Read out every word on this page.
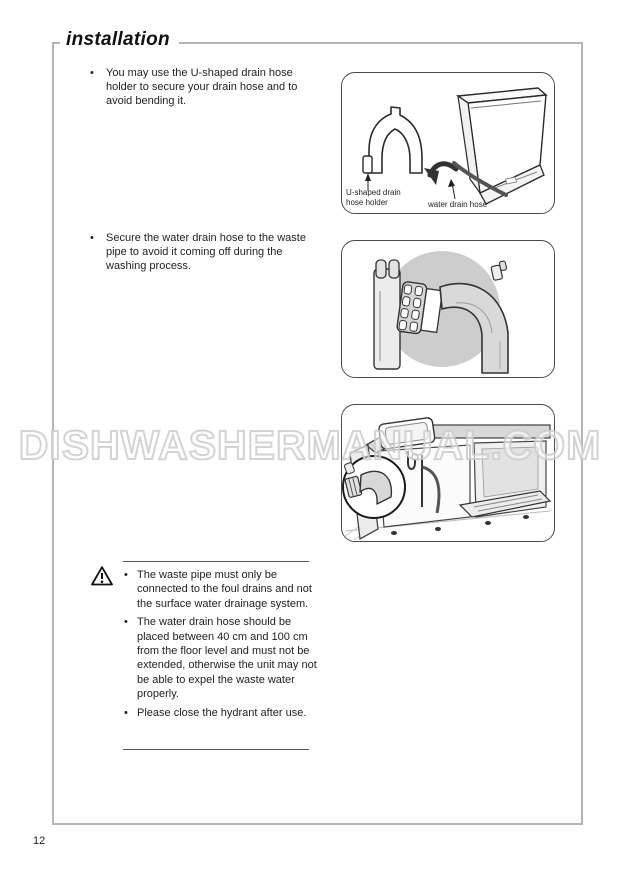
installation
•	You may use the U-shaped drain hose holder to secure your drain hose and to avoid bending it.
•	Secure the water drain hose to the waste pipe to avoid it coming off during the washing process.
U-shaped drain
hose holder	water drain hose
DISHWASHERMANUAL.COM
• The waste pipe must only be connected to the foul drains and not the surface water drainage system.
• The water drain hose should be placed between 40 cm and 100 cm from the floor level and must not be extended, otherwise the unit may not be able to expel the waste water properly.
• Please close the hydrant after use.
12
